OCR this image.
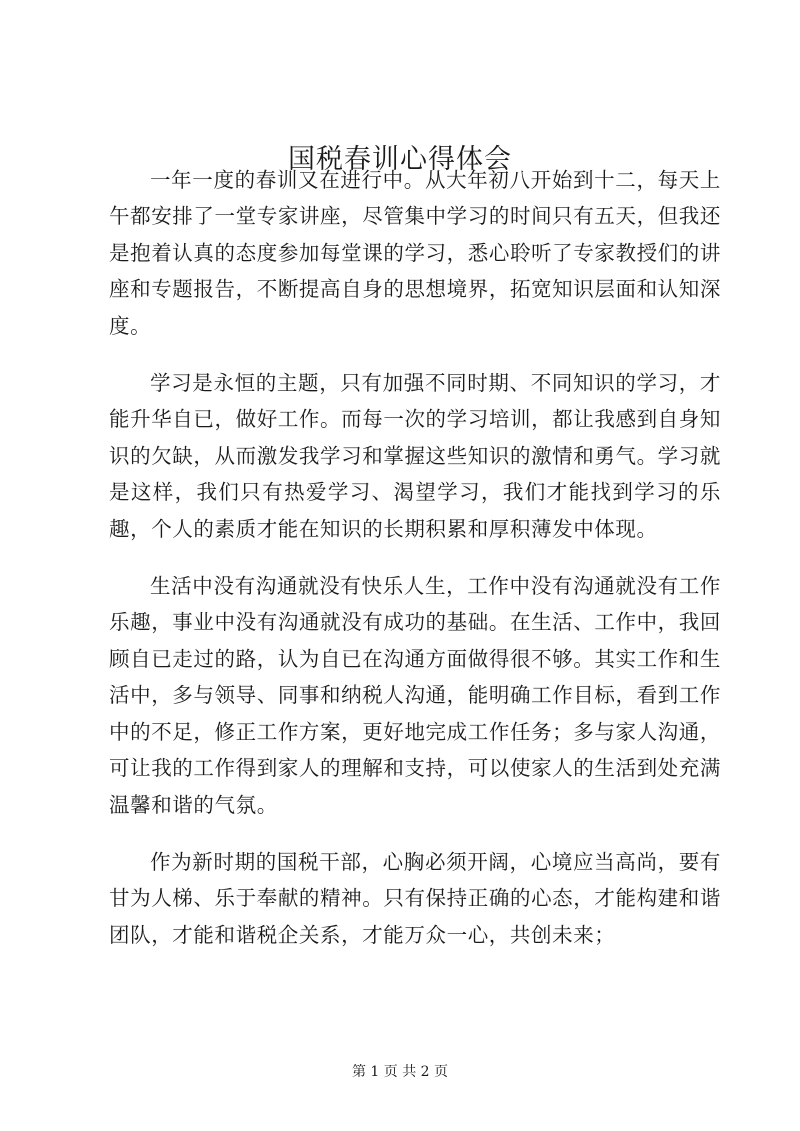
国税春训心得体会

一年一度的春训又在进行中。从大年初八开始到十二，每天上午都安排了一堂专家讲座，尽管集中学习的时间只有五天，但我还是抱着认真的态度参加每堂课的学习，悉心聆听了专家教授们的讲座和专题报告，不断提高自身的思想境界，拓宽知识层面和认知深度。

学习是永恒的主题，只有加强不同时期、不同知识的学习，才能升华自已，做好工作。而每一次的学习培训，都让我感到自身知识的欠缺，从而激发我学习和掌握这些知识的激情和勇气。学习就是这样，我们只有热爱学习、渴望学习，我们才能找到学习的乐趣，个人的素质才能在知识的长期积累和厚积薄发中体现。

生活中没有沟通就没有快乐人生，工作中没有沟通就没有工作乐趣，事业中没有沟通就没有成功的基础。在生活、工作中，我回顾自已走过的路，认为自已在沟通方面做得很不够。其实工作和生活中，多与领导、同事和纳税人沟通，能明确工作目标，看到工作中的不足，修正工作方案，更好地完成工作任务；多与家人沟通，可让我的工作得到家人的理解和支持，可以使家人的生活到处充满温馨和谐的气氛。

作为新时期的国税干部，心胸必须开阔，心境应当高尚，要有甘为人梯、乐于奉献的精神。只有保持正确的心态，才能构建和谐团队，才能和谐税企关系，才能万众一心，共创未来；

第 1 页 共 2 页
